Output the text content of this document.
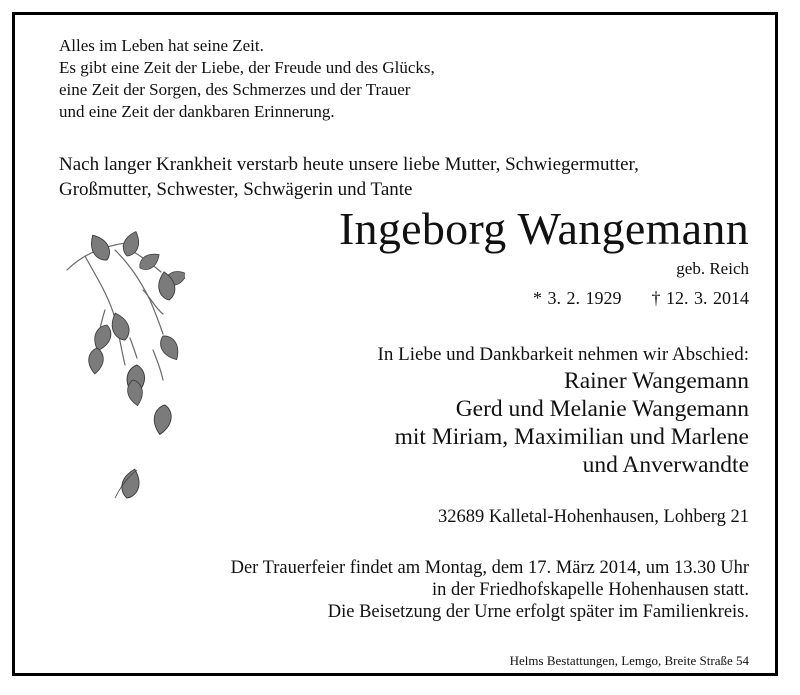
Alles im Leben hat seine Zeit.
Es gibt eine Zeit der Liebe, der Freude und des Glücks,
eine Zeit der Sorgen, des Schmerzes und der Trauer
und eine Zeit der dankbaren Erinnerung.
Nach langer Krankheit verstarb heute unsere liebe Mutter, Schwiegermutter,
Großmutter, Schwester, Schwägerin und Tante
Ingeborg Wangemann
geb. Reich
* 3. 2. 1929 † 12. 3. 2014
In Liebe und Dankbarkeit nehmen wir Abschied:
Rainer Wangemann
Gerd und Melanie Wangemann
mit Miriam, Maximilian und Marlene
und Anverwandte
32689 Kalletal-Hohenhausen, Lohberg 21
Der Trauerfeier findet am Montag, dem 17. März 2014, um 13.30 Uhr
in der Friedhofskapelle Hohenhausen statt.
Die Beisetzung der Urne erfolgt später im Familienkreis.
Helms Bestattungen, Lemgo, Breite Straße 54
